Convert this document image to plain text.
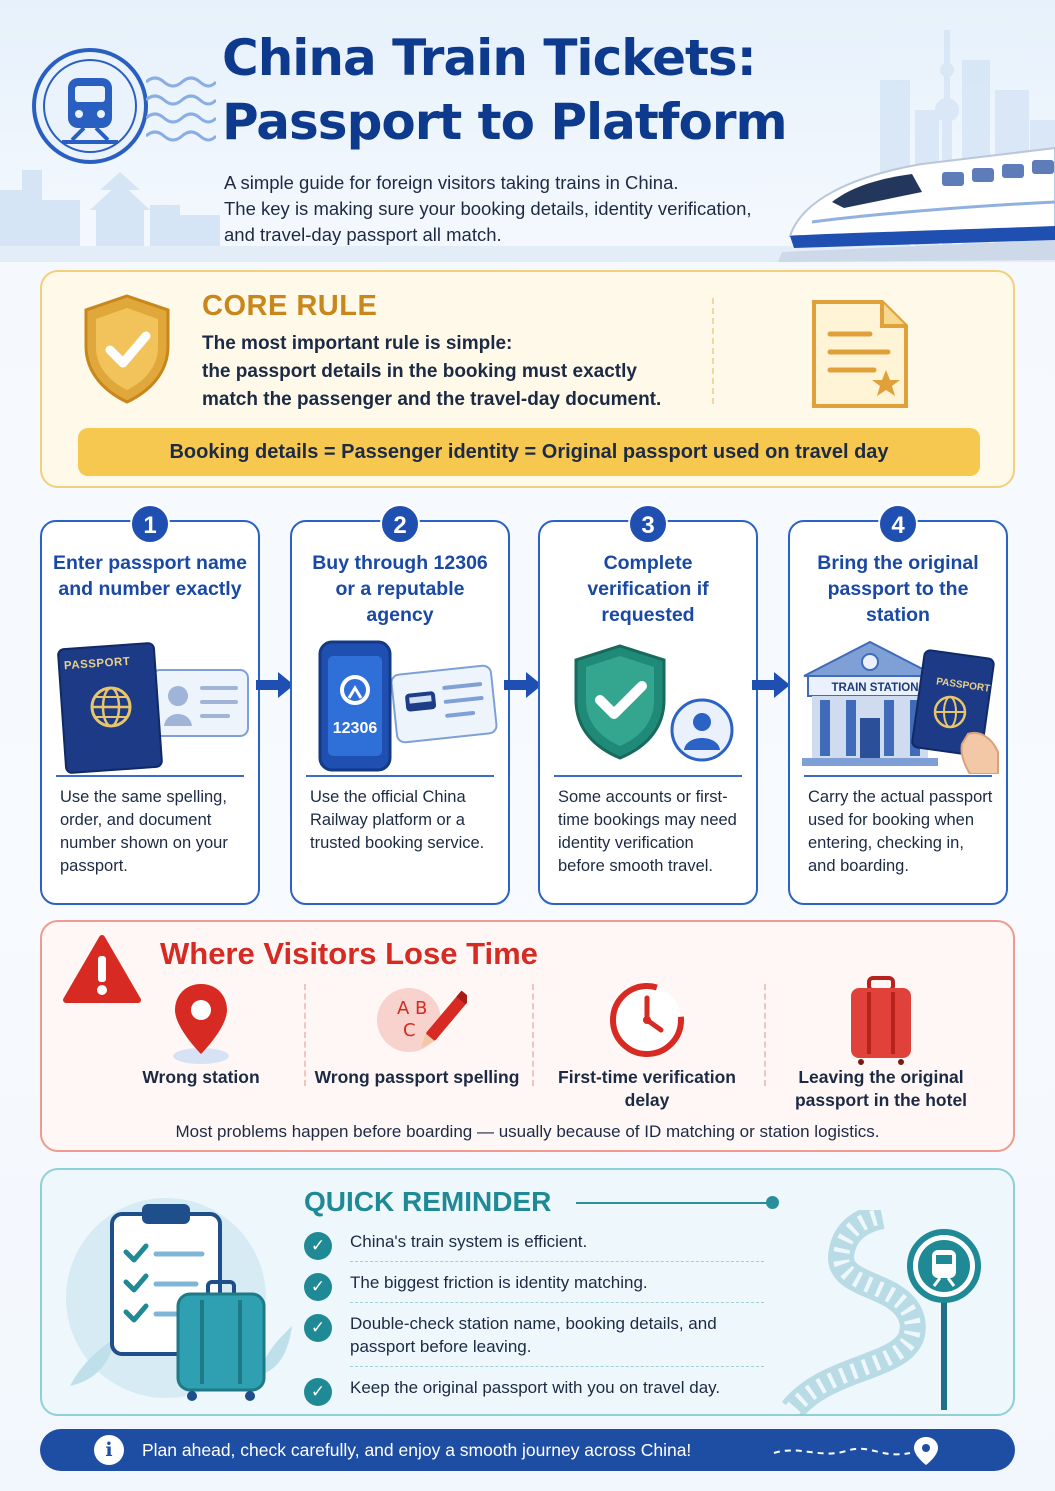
China Train Tickets:
Passport to Platform
A simple guide for foreign visitors taking trains in China.
The key is making sure your booking details, identity verification,
and travel-day passport all match.
CORE RULE
The most important rule is simple:
the passport details in the booking must exactly
match the passenger and the travel-day document.
Booking details = Passenger identity = Original passport used on travel day
1
Enter passport name and number exactly
PASSPORT
Use the same spelling, order, and document number shown on your passport.
2
Buy through 12306 or a reputable agency
12306
Use the official China Railway platform or a trusted booking service.
3
Complete verification if requested
Some accounts or first-time bookings may need identity verification before smooth travel.
4
Bring the original passport to the station
TRAIN STATION	PASSPORT
Carry the actual passport used for booking when entering, checking in, and boarding.
Where Visitors Lose Time
Wrong station
A B
C
Wrong passport spelling	First-time verification delay
Leaving the original passport in the hotel
Most problems happen before boarding — usually because of ID matching or station logistics.
QUICK REMINDER
✓	China's train system is efficient.
✓	The biggest friction is identity matching.
✓	Double-check station name, booking details, and passport before leaving.
✓	Keep the original passport with you on travel day.
i	Plan ahead, check carefully, and enjoy a smooth journey across China!
